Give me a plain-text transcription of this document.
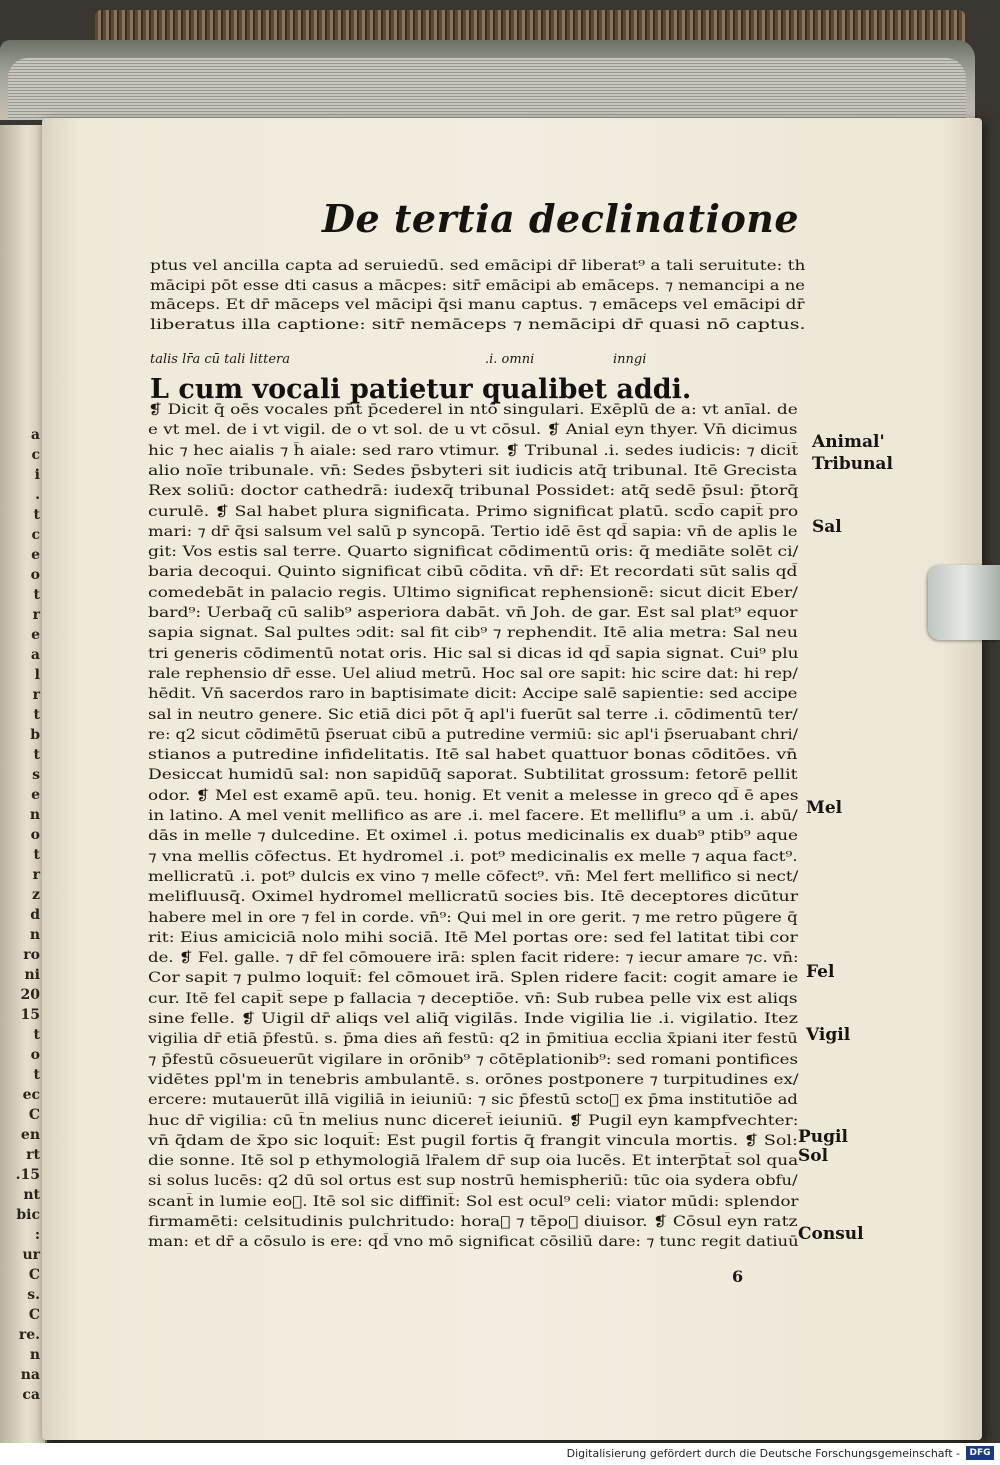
a
c
i
.
t
c
e
o
t
r
e
a
l
r
t
b
t
s
e
n
o
t
r
z
d
n
ro
ni
20
15
t
o
t
ec
C
en
rt
.15
nt
bic
:
ur
C
s.
C
re.
n
na
ca
De tertia declinatione
ptus vel ancilla capta ad seruiedū. sed emācipi dr̄ liberat⁹ a tali seruitute: th
mācipi pōt esse dti casus a mācpes: sitr̄ emācipi ab emāceps. ⁊ nemancipi a ne
māceps. Et dr̄ māceps vel mācipi q̄si manu captus. ⁊ emāceps vel emācipi dr̄
liberatus illa captione: sitr̄ nemāceps ⁊ nemācipi dr̄ quasi nō captus.
talis lr̄a cū tali littera	.i. omni	inngi
L cum vocali patietur qualibet addi.
❡ Dicit q̄ oēs vocales pn̄t p̄cederel in ntō singulari. Exēplū de a: vt anīal. de
e vt mel. de i vt vigil. de o vt sol. de u vt cōsul. ❡ Anial eyn thyer. Vn̄ dicimus
hic ⁊ hec aialis ⁊ h̄ aiale: sed raro vtimur. ❡ Tribunal .i. sedes iudicis: ⁊ dicit̄
alio noīe tribunale. vn̄: Sedes p̄sbyteri sit iudicis atq̄ tribunal. Itē Grecista
Rex soliū: doctor cathedrā: iudexq̄ tribunal Possidet: atq̄ sedē p̄sul: p̄torq̄
curulē. ❡ Sal habet plura significata. Primo significat platū. scd̄o capit̄ pro
mari: ⁊ dr̄ q̄si salsum vel salū p syncopā. Tertio idē ēst qd̄ sapia: vn̄ de aplis le
git: Vos estis sal terre. Quarto significat cōdimentū oris: q̄ mediāte solēt ci/
baria decoqui. Quinto significat cibū cōdita. vn̄ dr̄: Et recordati sūt salis qd̄
comedebāt in palacio regis. Ultimo significat rephensionē: sicut dicit Eber/
bard⁹: Uerbaq̄ cū salib⁹ asperiora dabāt. vn̄ Joh. de gar. Est sal plat⁹ equor
sapia signat. Sal pultes ↄdit: sal fit cib⁹ ⁊ rephendit. Itē alia metra: Sal neu
tri generis cōdimentū notat oris. Hic sal si dicas id qd̄ sapia signat. Cui⁹ plu
rale rephensio dr̄ esse. Uel aliud metrū. Hoc sal ore sapit: hic scire dat: hi rep/
hēdit. Vn̄ sacerdos raro in baptisimate dicit: Accipe salē sapientie: sed accipe
sal in neutro genere. Sic etiā dici pōt q̄ apl'i fuerūt sal terre .i. cōdimentū ter/
re: q2 sicut cōdimētū p̄seruat cibū a putredine vermiū: sic apl'i p̄seruabant chri/
stianos a putredine infidelitatis. Itē sal habet quattuor bonas cōditōes. vn̄
Desiccat humidū sal: non sapidūq̄ saporat. Subtilitat grossum: fetorē pellit
odor. ❡ Mel est examē apū. teu. honig. Et venit a melesse in greco qd̄ ē apes
in latino. A mel venit mellifico as are .i. mel facere. Et melliflu⁹ a um .i. abū/
dās in melle ⁊ dulcedine. Et oximel .i. potus medicinalis ex duab⁹ ptib⁹ aque
⁊ vna mellis cōfectus. Et hydromel .i. pot⁹ medicinalis ex melle ⁊ aqua fact⁹.
mellicratū .i. pot⁹ dulcis ex vino ⁊ melle cōfect⁹. vn̄: Mel fert mellifico si nect/
melifluusq̄. Oximel hydromel mellicratū socies bis. Itē deceptores dicūtur
habere mel in ore ⁊ fel in corde. vn̄⁹: Qui mel in ore gerit. ⁊ me retro pūgere q̄
rit: Eius amiciciā nolo mihi sociā. Itē Mel portas ore: sed fel latitat tibi cor
de. ❡ Fel. galle. ⁊ dr̄ fel cōmouere irā: splen facit ridere: ⁊ iecur amare ⁊c. vn̄:
Cor sapit ⁊ pulmo loquit̄: fel cōmouet irā. Splen ridere facit: cogit amare ie
cur. Itē fel capit̄ sepe p fallacia ⁊ deceptiōe. vn̄: Sub rubea pelle vix est aliqs
sine felle. ❡ Uigil dr̄ aliqs vel aliq̄ vigilās. Inde vigilia lie .i. vigilatio. Itez
vigilia dr̄ etiā p̄festū. s. p̄ma dies añ festū: q2 in p̄mitiua ecclia x̄piani iter festū
⁊ p̄festū cōsueuerūt vigilare in orōnib⁹ ⁊ cōtēplationib⁹: sed romani pontifices
vidētes ppl'm in tenebris ambulantē. s. orōnes postponere ⁊ turpitudines ex/
ercere: mutauerūt illā vigiliā in ieiuniū: ⁊ sic p̄festū scto᷑ ex p̄ma institutiōe ad
huc dr̄ vigilia: cū t̄n melius nunc diceret̄ ieiuniū. ❡ Pugil eyn kampfvechter:
vn̄ q̄dam de x̄po sic loquit̄: Est pugil fortis q̄ frangit vincula mortis. ❡ Sol:
die sonne. Itē sol p ethymologiā lr̄alem dr̄ sup oia lucēs. Et interp̄tat̄ sol qua
si solus lucēs: q2 dū sol ortus est sup nostrū hemispheriū: tūc oia sydera obfu/
scant̄ in lumie eo᷑. Itē sol sic diffinit̄: Sol est ocul⁹ celi: viator mūdi: splendor
firmamēti: celsitudinis pulchritudo: hora᷑ ⁊ tēpo᷑ diuisor. ❡ Cōsul eyn ratz
man: et dr̄ a cōsulo is ere: qd̄ vno mō significat cōsiliū dare: ⁊ tunc regit datiuū
Animal'
Tribunal
Sal
Mel
Fel
Vigil
Pugil
Sol
Consul
6
Digitalisierung gefördert durch die Deutsche Forschungsgemeinschaft -	DFG
